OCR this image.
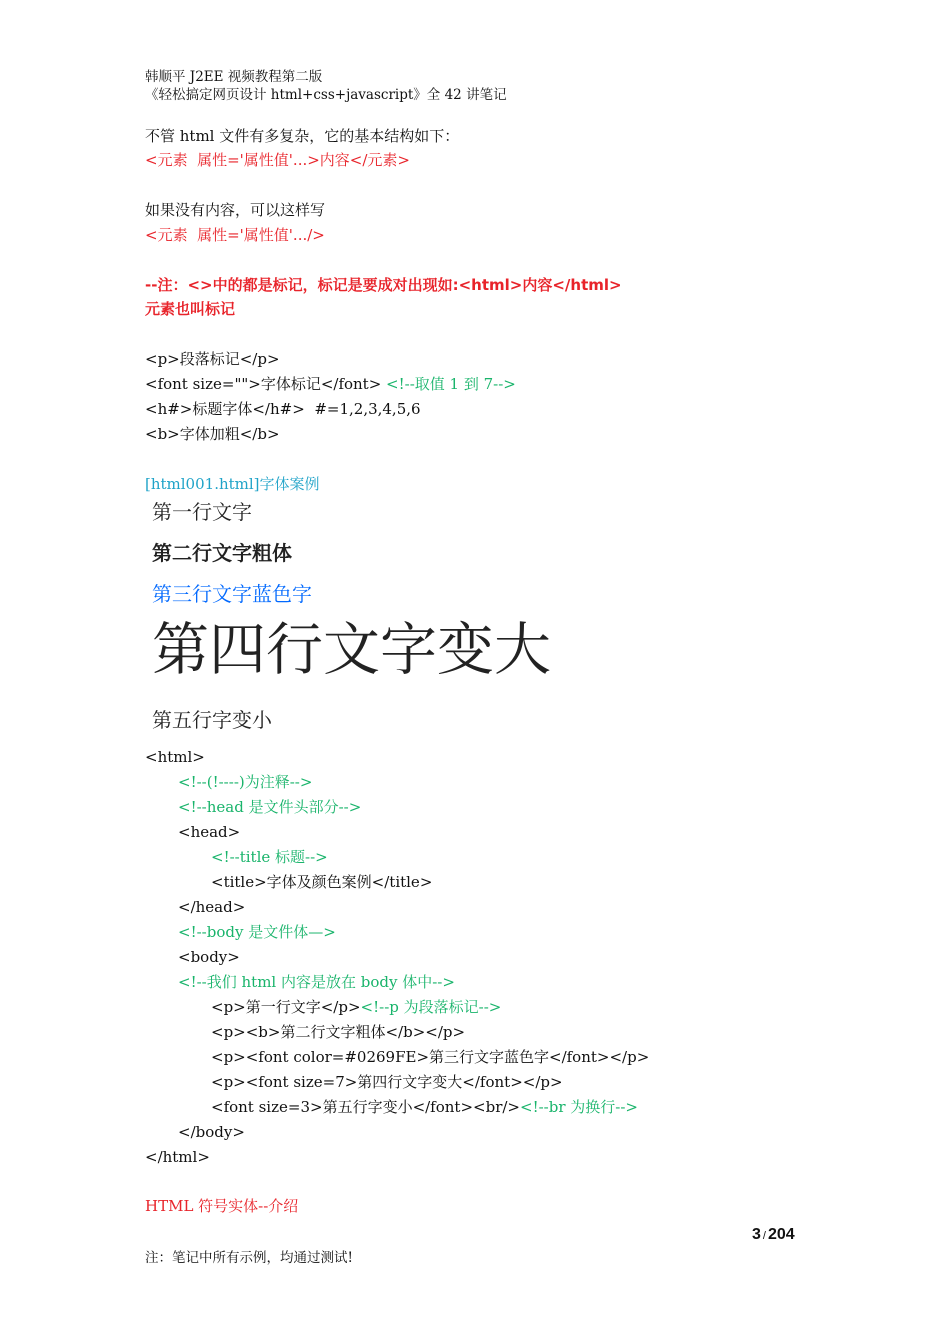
韩顺平 J2EE 视频教程第二版
《轻松搞定网页设计 html+css+javascript》全 42 讲笔记
不管 html 文件有多复杂，它的基本结构如下：
<元素  属性='属性值'...>内容</元素>
如果没有内容，可以这样写
<元素  属性='属性值'.../>
--注：<>中的都是标记，标记是要成对出现如:<html>内容</html>
元素也叫标记
<p>段落标记</p>
<font size="">字体标记</font> <!--取值 1 到 7-->
<h#>标题字体</h#>  #=1,2,3,4,5,6
<b>字体加粗</b>
[html001.html]字体案例
第一行文字
第二行文字粗体
第三行文字蓝色字
第四行文字变大
第五行字变小
<html>
<!--(!----)为注释-->
<!--head 是文件头部分-->
<head>
<!--title 标题-->
<title>字体及颜色案例</title>
</head>
<!--body 是文件体—>
<body>
<!--我们 html 内容是放在 body 体中-->
<p>第一行文字</p><!--p 为段落标记-->
<p><b>第二行文字粗体</b></p>
<p><font color=#0269FE>第三行文字蓝色字</font></p>
<p><font size=7>第四行文字变大</font></p>
<font size=3>第五行字变小</font><br/><!--br 为换行-->
</body>
</html>
HTML 符号实体--介绍
3 / 204
注：笔记中所有示例，均通过测试!
